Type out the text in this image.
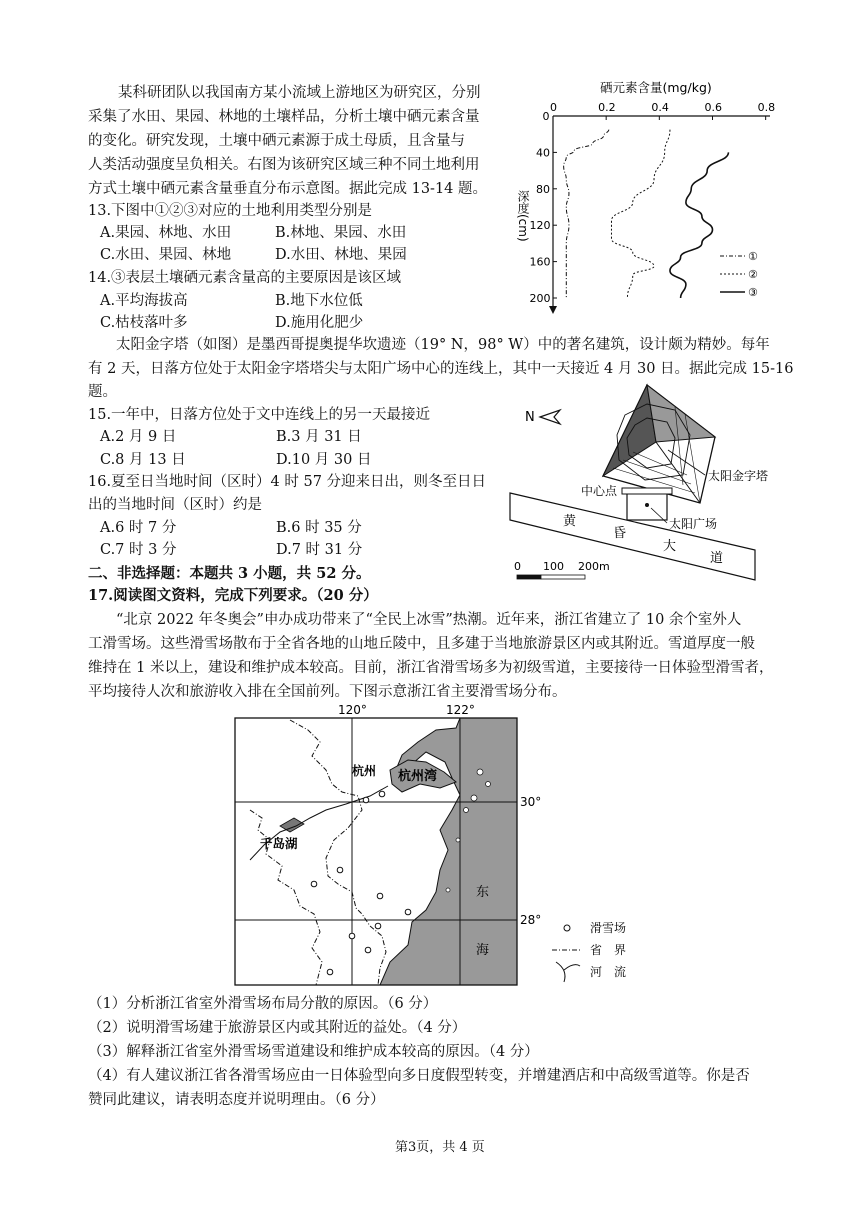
某科研团队以我国南方某小流域上游地区为研究区，分别
采集了水田、果园、林地的土壤样品，分析土壤中硒元素含量
的变化。研究发现，土壤中硒元素源于成土母质，且含量与
人类活动强度呈负相关。右图为该研究区域三种不同土地利用
方式土壤中硒元素含量垂直分布示意图。据此完成 13-14 题。
13.下图中①②③对应的土地利用类型分别是
A.果园、林地、水田	B.林地、果园、水田
C.水田、果园、林地	D.水田、林地、果园
14.③表层土壤硒元素含量高的主要原因是该区域
A.平均海拔高	B.地下水位低
C.枯枝落叶多	D.施用化肥少
硒元素含量(mg/kg)
0	0.2	0.4	0.6	0.8
0
40
80
120
160
200
深度(cm)
①
②
③
太阳金字塔（如图）是墨西哥提奥提华坎遗迹（19° N，98° W）中的著名建筑，设计颇为精妙。每年
有 2 天，日落方位处于太阳金字塔塔尖与太阳广场中心的连线上，其中一天接近 4 月 30 日。据此完成 15-16
题。
15.一年中，日落方位处于文中连线上的另一天最接近
A.2 月 9 日	B.3 月 31 日
C.8 月 13 日	D.10 月 30 日
16.夏至日当地时间（区时）4 时 57 分迎来日出，则冬至日日
出的当地时间（区时）约是
A.6 时 7 分	B.6 时 35 分
C.7 时 3 分	D.7 时 31 分
N
太阳金字塔
中心点
太阳广场
黄
昏
大
道
0 100 200m
二、非选择题：本题共 3 小题，共 52 分。
17.阅读图文资料，完成下列要求。（20 分）
“北京 2022 年冬奥会”申办成功带来了“全民上冰雪”热潮。近年来，浙江省建立了 10 余个室外人
工滑雪场。这些滑雪场散布于全省各地的山地丘陵中，且多建于当地旅游景区内或其附近。雪道厚度一般
维持在 1 米以上，建设和维护成本较高。目前，浙江省滑雪场多为初级雪道，主要接待一日体验型滑雪者，
平均接待人次和旅游收入排在全国前列。下图示意浙江省主要滑雪场分布。
120°	122°
30°
28°
杭州 杭州湾
千岛湖
东
海
滑雪场
省　界
河　流
（1）分析浙江省室外滑雪场布局分散的原因。（6 分）
（2）说明滑雪场建于旅游景区内或其附近的益处。（4 分）
（3）解释浙江省室外滑雪场雪道建设和维护成本较高的原因。（4 分）
（4）有人建议浙江省各滑雪场应由一日体验型向多日度假型转变，并增建酒店和中高级雪道等。你是否
赞同此建议，请表明态度并说明理由。（6 分）
第3页，共 4 页
